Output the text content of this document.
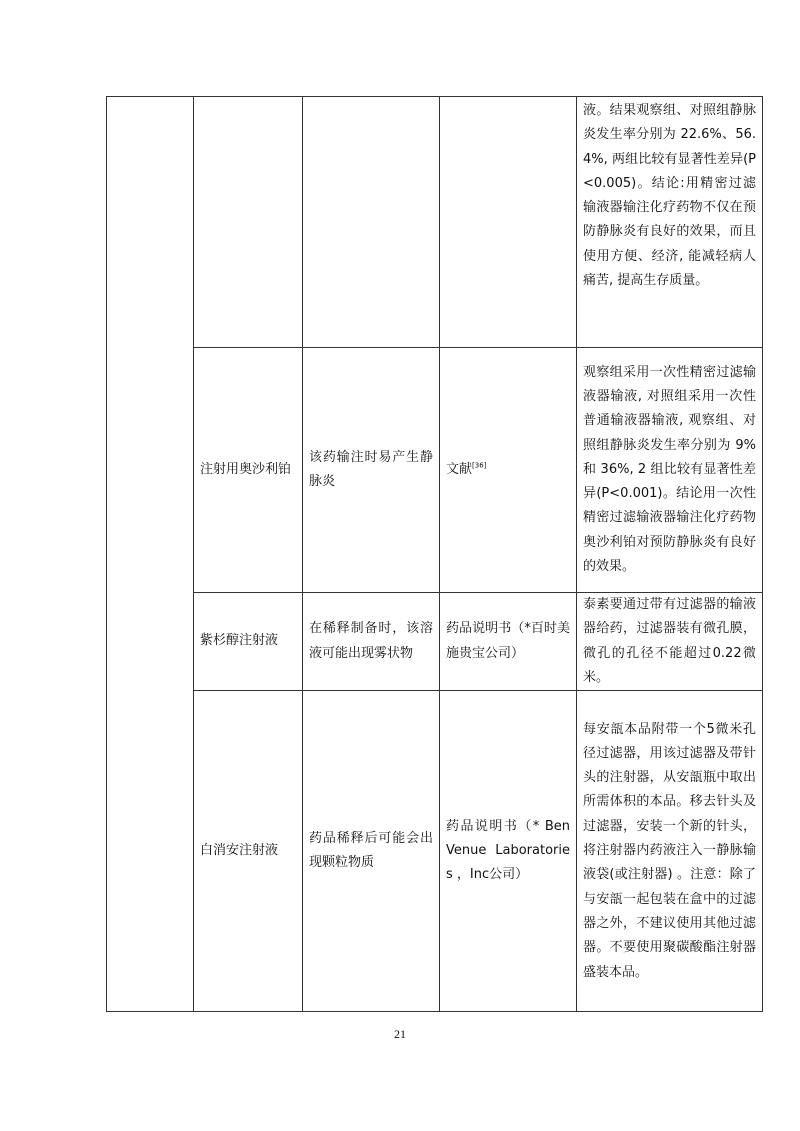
				液。结果观察组、对照组静脉炎发生率分别为 22.6%、56.4%, 两组比较有显著性差异(P<0.005)。结论:用精密过滤输液器输注化疗药物不仅在预防静脉炎有良好的效果，而且使用方便、经济, 能减轻病人痛苦, 提高生存质量。
	注射用奥沙利铂	该药输注时易产生静脉炎	文献[36]	观察组采用一次性精密过滤输液器输液, 对照组采用一次性普通输液器输液, 观察组、对照组静脉炎发生率分别为 9%和 36%, 2 组比较有显著性差异(P<0.001)。结论用一次性精密过滤输液器输注化疗药物奥沙利铂对预防静脉炎有良好的效果。
	紫杉醇注射液	在稀释制备时，该溶液可能出现雾状物	药品说明书（*百时美施贵宝公司）	泰素要通过带有过滤器的输液器给药，过滤器装有微孔膜，微孔的孔径不能超过0.22微米。
	白消安注射液	药品稀释后可能会出现颗粒物质	药品说明书（* Ben Venue Laboratories ，Inc公司）	每安瓿本品附带一个5微米孔径过滤器，用该过滤器及带针头的注射器，从安瓿瓶中取出所需体积的本品。移去针头及过滤器，安装一个新的针头，将注射器内药液注入一静脉输液袋(或注射器) 。注意：除了与安瓿一起包装在盒中的过滤器之外，不建议使用其他过滤器。不要使用聚碳酸酯注射器盛装本品。
21
